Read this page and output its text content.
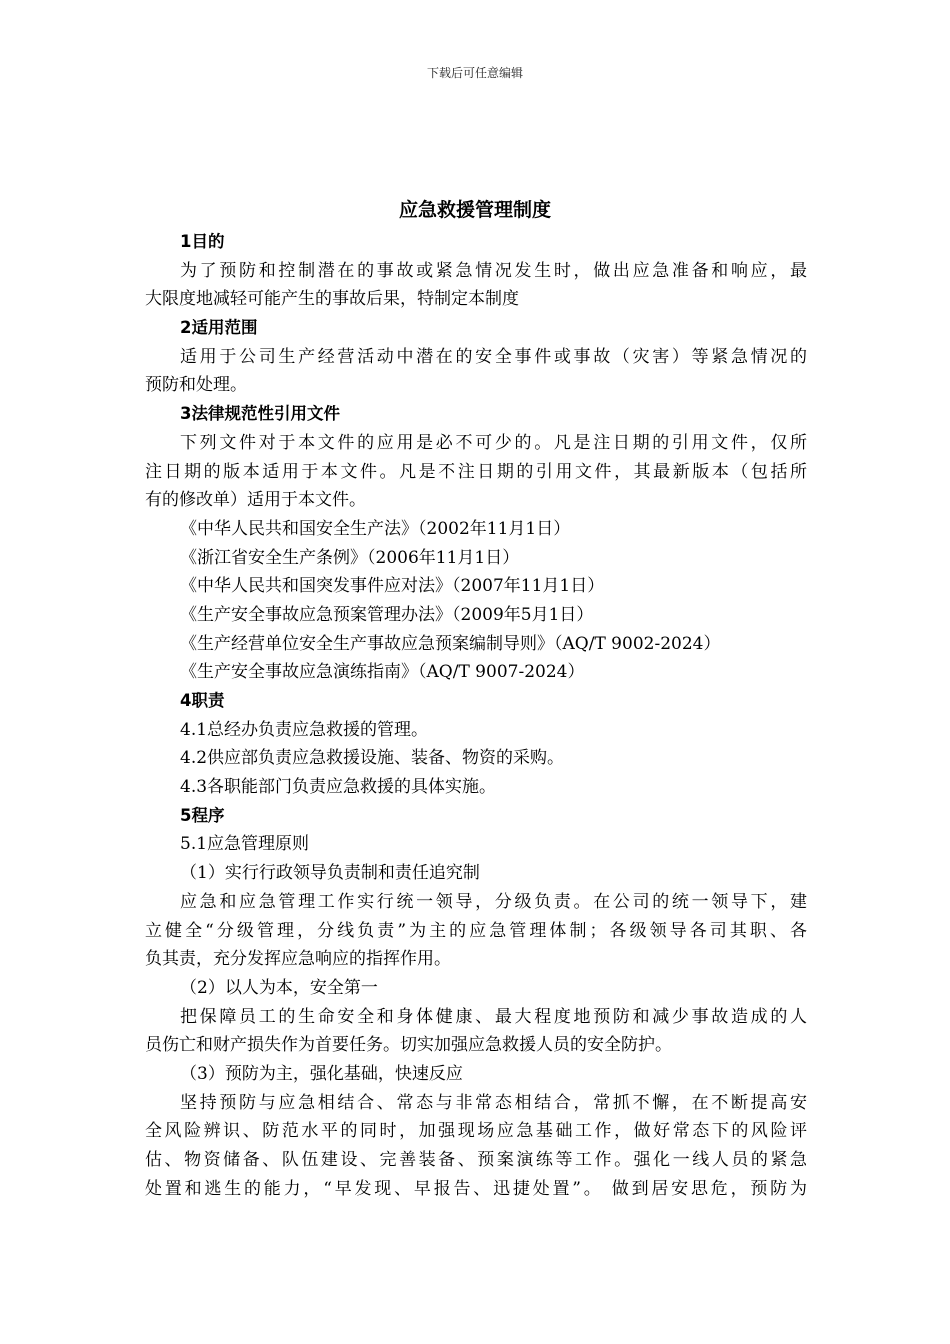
下载后可任意编辑
应急救援管理制度
1目的
为了预防和控制潜在的事故或紧急情况发生时，做出应急准备和响应，最
大限度地减轻可能产生的事故后果，特制定本制度
2适用范围
适用于公司生产经营活动中潜在的安全事件或事故（灾害）等紧急情况的
预防和处理。
3法律规范性引用文件
下列文件对于本文件的应用是必不可少的。凡是注日期的引用文件，仅所
注日期的版本适用于本文件。凡是不注日期的引用文件，其最新版本（包括所
有的修改单）适用于本文件。
《中华人民共和国安全生产法》（2002年11月1日）
《浙江省安全生产条例》（2006年11月1日）
《中华人民共和国突发事件应对法》（2007年11月1日）
《生产安全事故应急预案管理办法》（2009年5月1日）
《生产经营单位安全生产事故应急预案编制导则》（AQ/T 9002-2024）
《生产安全事故应急演练指南》（AQ/T 9007-2024）
4职责
4.1总经办负责应急救援的管理。
4.2供应部负责应急救援设施、装备、物资的采购。
4.3各职能部门负责应急救援的具体实施。
5程序
5.1应急管理原则
（1）实行行政领导负责制和责任追究制
应急和应急管理工作实行统一领导，分级负责。在公司的统一领导下，建
立健全“分级管理，分线负责”为主的应急管理体制；各级领导各司其职、各
负其责，充分发挥应急响应的指挥作用。
（2）以人为本，安全第一
把保障员工的生命安全和身体健康、最大程度地预防和减少事故造成的人
员伤亡和财产损失作为首要任务。切实加强应急救援人员的安全防护。
（3）预防为主，强化基础，快速反应
坚持预防与应急相结合、常态与非常态相结合，常抓不懈，在不断提高安
全风险辨识、防范水平的同时，加强现场应急基础工作，做好常态下的风险评
估、物资储备、队伍建设、完善装备、预案演练等工作。强化一线人员的紧急
处置和逃生的能力，“早发现、早报告、迅捷处置”。 做到居安思危，预防为
